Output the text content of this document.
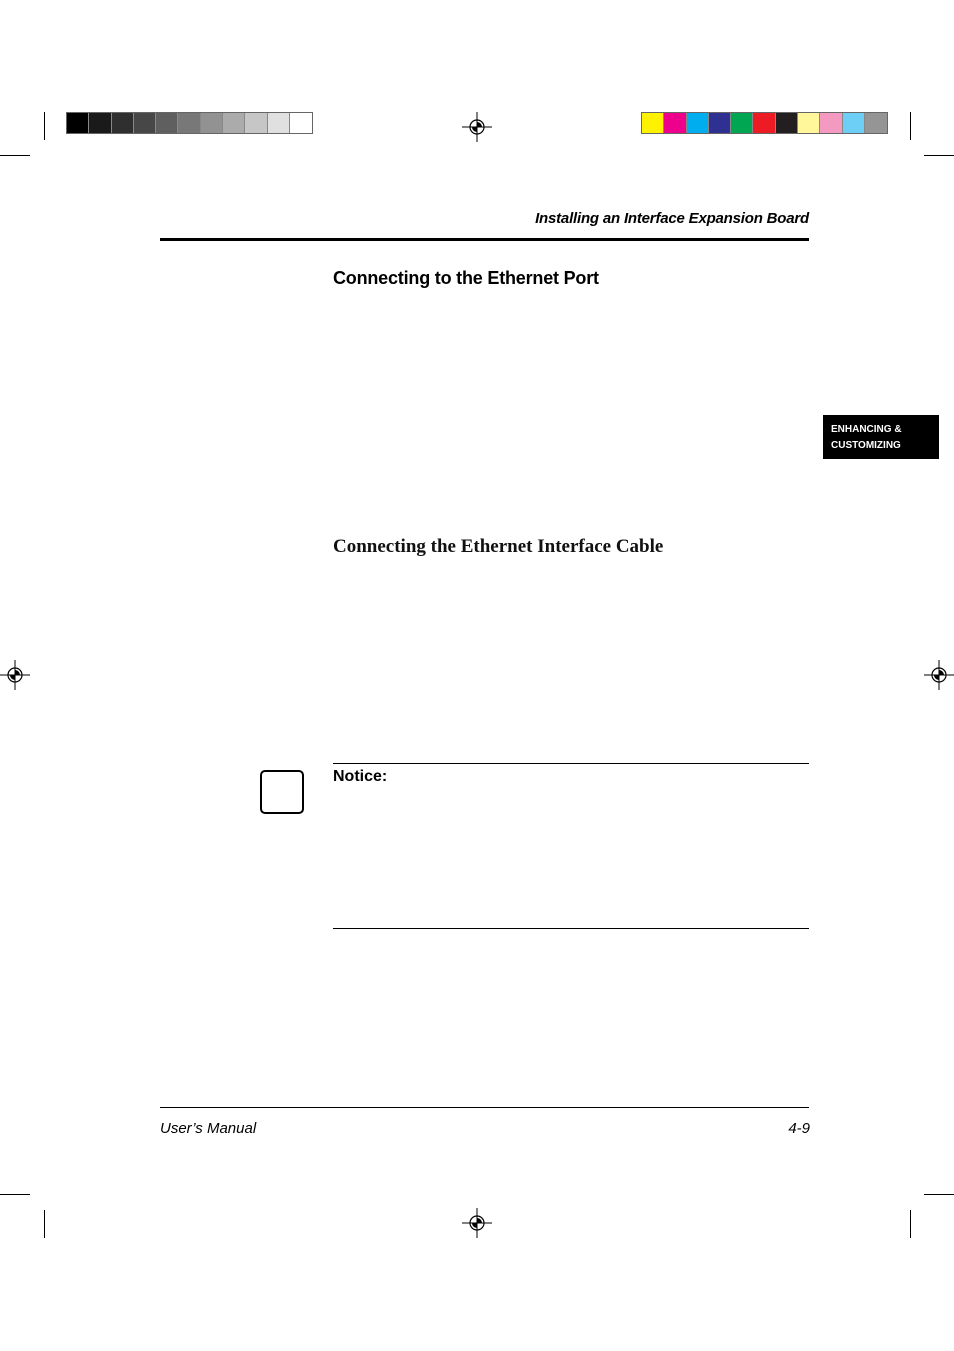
Installing an Interface Expansion Board
Connecting to the Ethernet Port
Connecting the Ethernet Interface Cable
ENHANCING &
CUSTOMIZING
Notice:
User’s Manual	4-9
